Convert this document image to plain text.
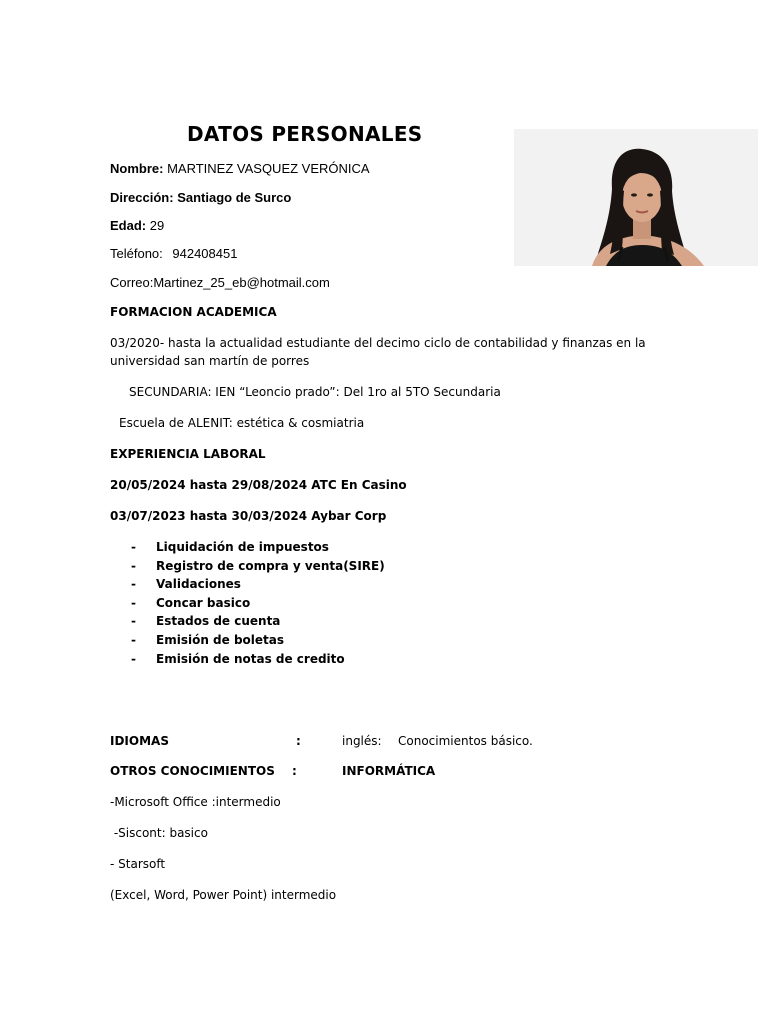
DATOS PERSONALES
Nombre: MARTINEZ VASQUEZ VERÓNICA
Dirección: Santiago de Surco
Edad: 29
Teléfono: 942408451
Correo:Martinez_25_eb@hotmail.com
FORMACION ACADEMICA
03/2020- hasta la actualidad estudiante del decimo ciclo de contabilidad y finanzas en la
universidad san martín de porres
SECUNDARIA: IEN “Leoncio prado”: Del 1ro al 5TO Secundaria
Escuela de ALENIT: estética & cosmiatria
EXPERIENCIA LABORAL
20/05/2024 hasta 29/08/2024 ATC En Casino
03/07/2023 hasta 30/03/2024 Aybar Corp
- Liquidación de impuestos
- Registro de compra y venta(SIRE)
- Validaciones
- Concar basico
- Estados de cuenta
- Emisión de boletas
- Emisión de notas de credito
IDIOMAS	:	inglés: Conocimientos básico.
OTROS CONOCIMIENTOS :	INFORMÁTICA
-Microsoft Office :intermedio
-Siscont: basico
- Starsoft
(Excel, Word, Power Point) intermedio
